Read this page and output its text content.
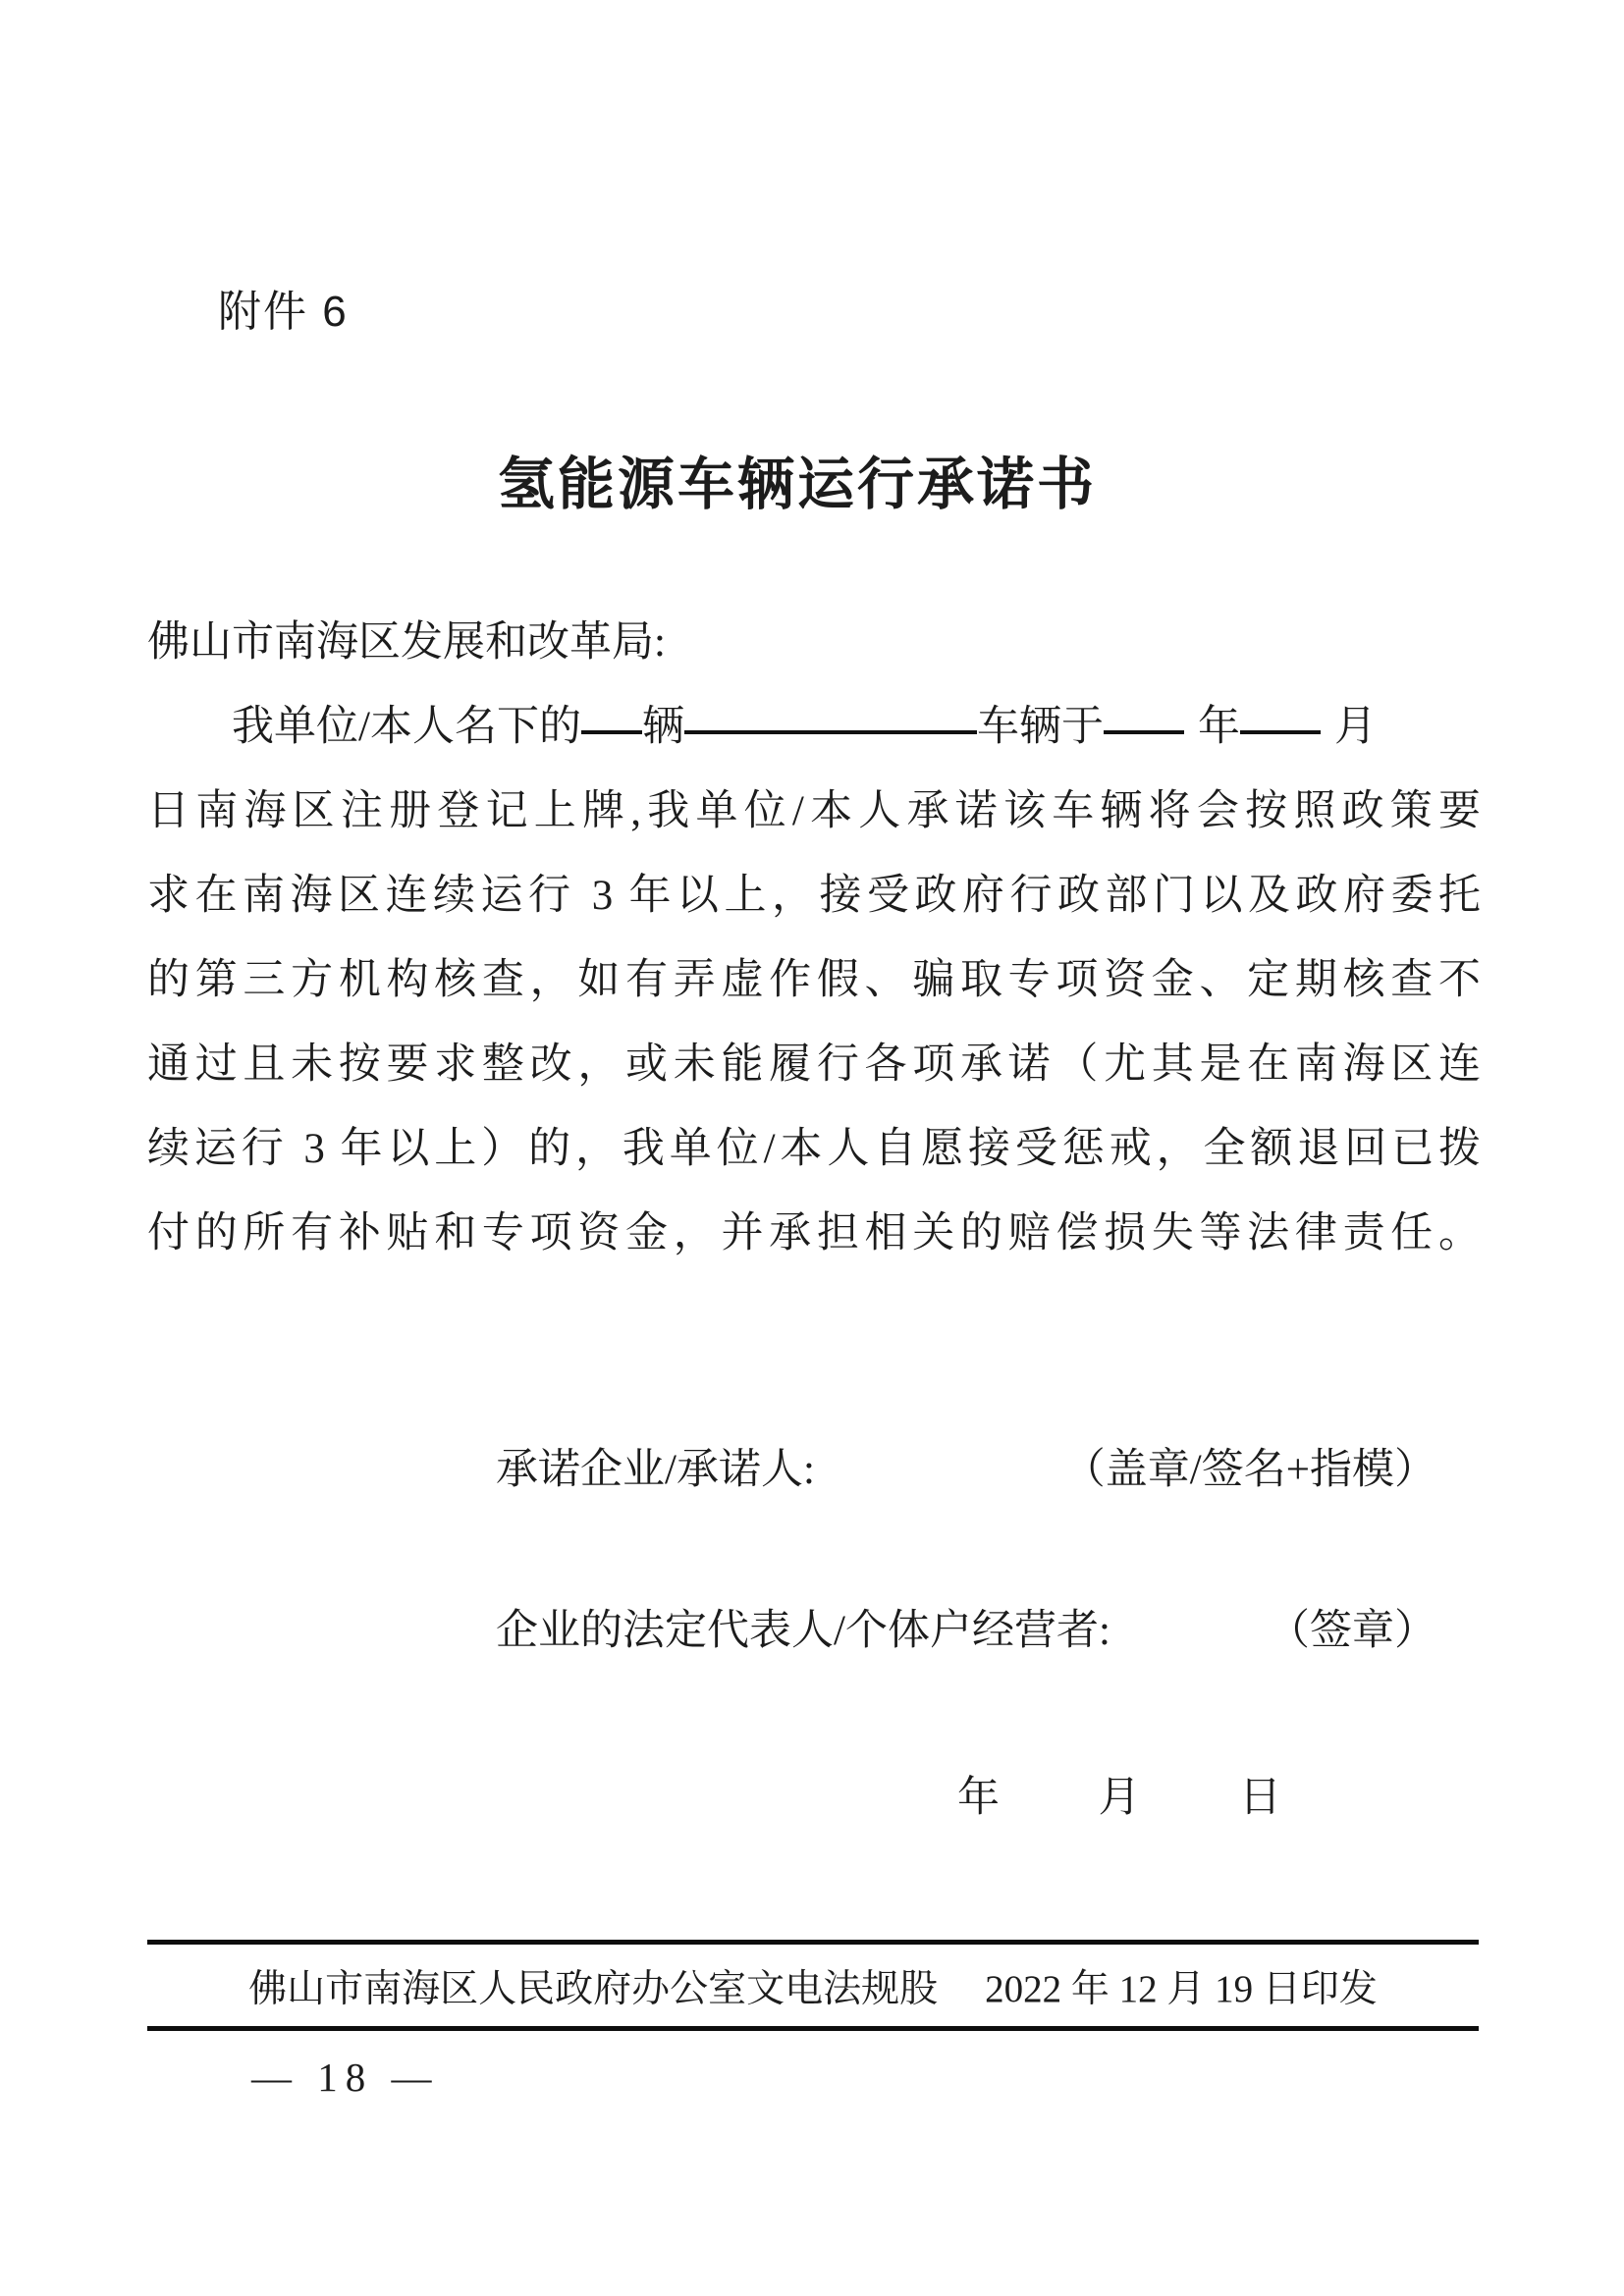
附件 6
氢能源车辆运行承诺书
佛山市南海区发展和改革局:
我单位/本人名下的 辆	车辆于 年 月
日南海区注册登记上牌,我单位/本人承诺该车辆将会按照政策要
求在南海区连续运行 3 年以上，接受政府行政部门以及政府委托
的第三方机构核查，如有弄虚作假、骗取专项资金、定期核查不
通过且未按要求整改，或未能履行各项承诺（尤其是在南海区连
续运行 3 年以上）的，我单位/本人自愿接受惩戒，全额退回已拨
付的所有补贴和专项资金，并承担相关的赔偿损失等法律责任。
承诺企业/承诺人:	（盖章/签名+指模）
企业的法定代表人/个体户经营者:	（签章）
年 月 日
佛山市南海区人民政府办公室文电法规股 2022 年 12 月 19 日印发
— 18 —
